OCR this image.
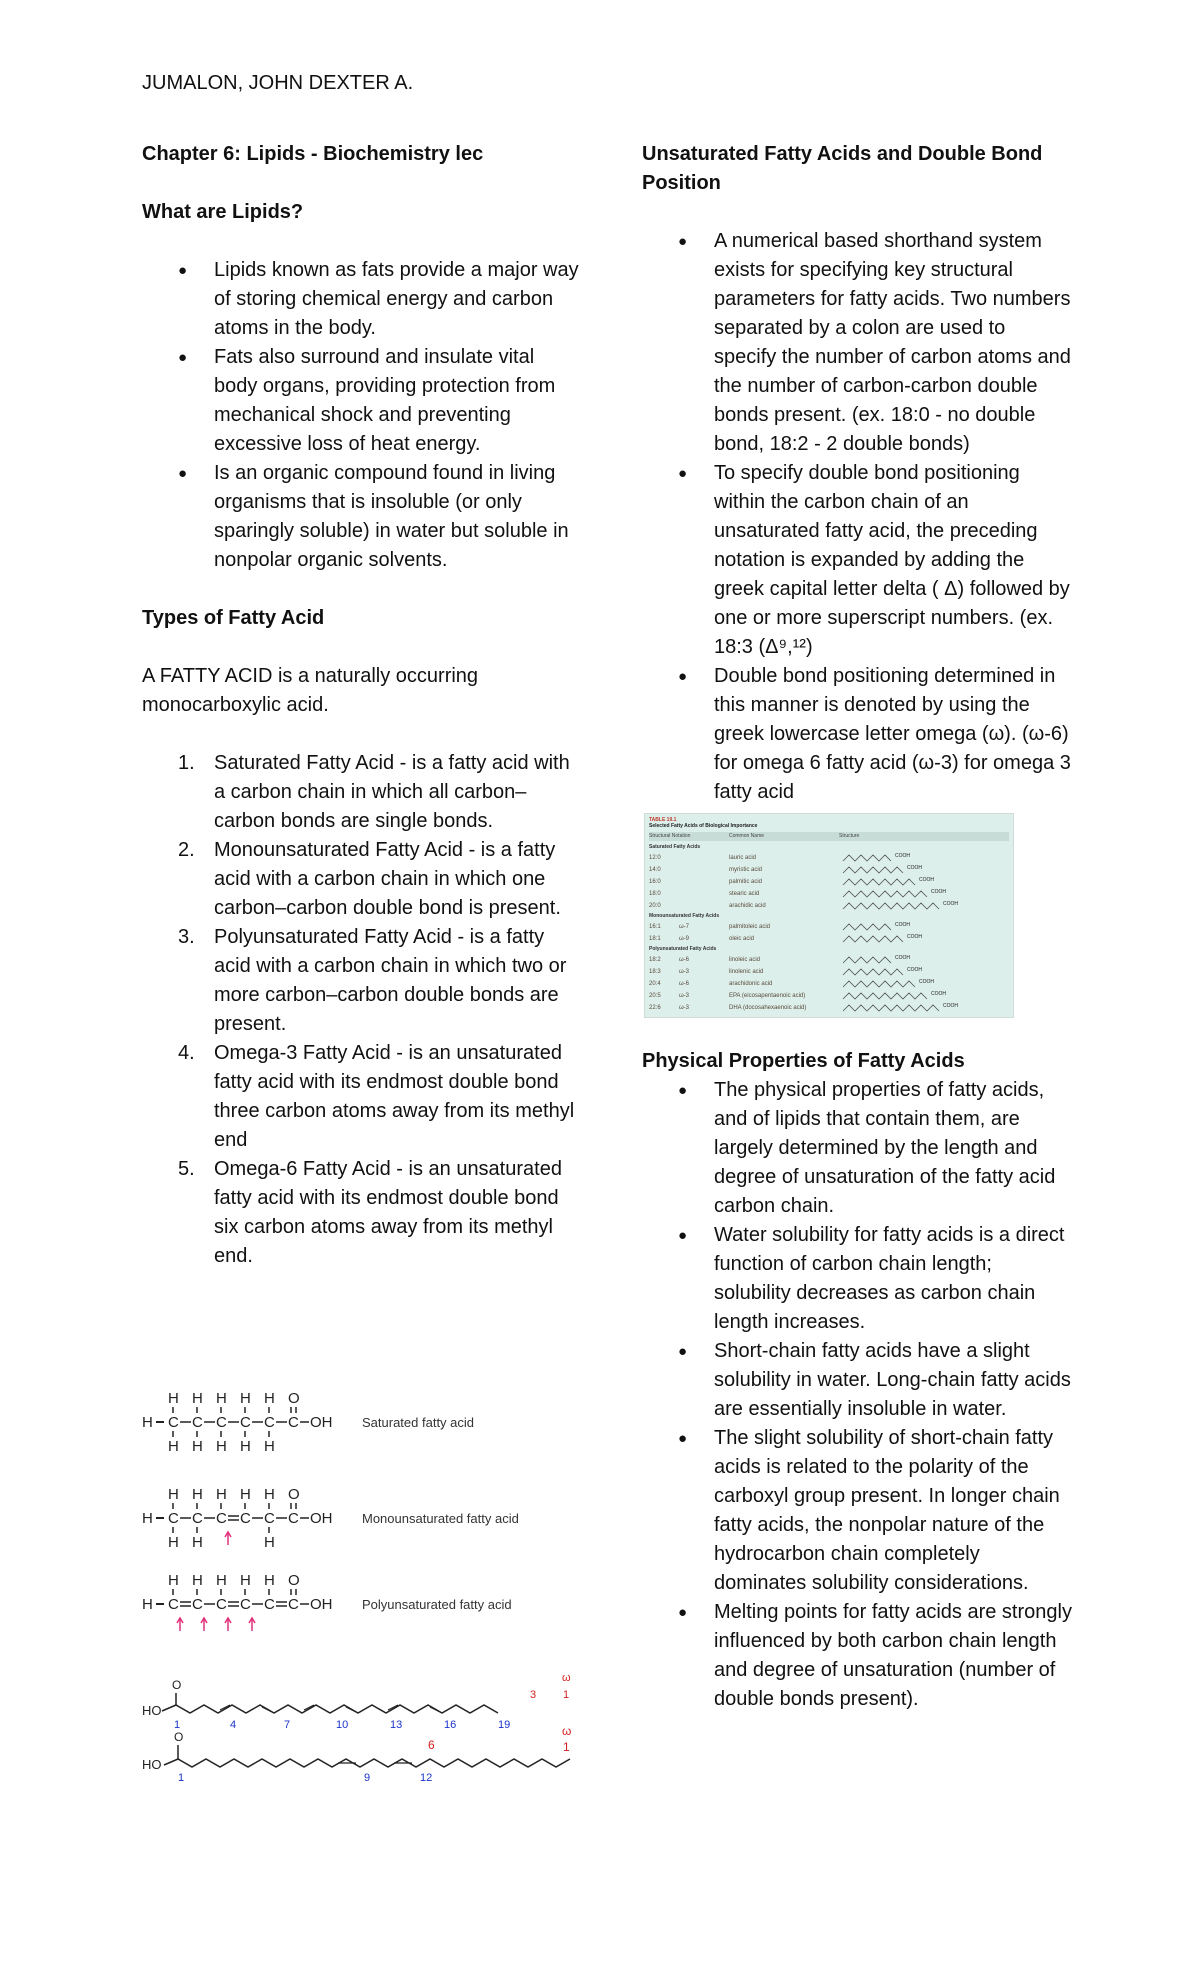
JUMALON, JOHN DEXTER A.

Chapter 6: Lipids - Biochemistry lec

What are Lipids?

● Lipids known as fats provide a major way of storing chemical energy and carbon atoms in the body.
● Fats also surround and insulate vital body organs, providing protection from mechanical shock and preventing excessive loss of heat energy.
● Is an organic compound found in living organisms that is insoluble (or only sparingly soluble) in water but soluble in nonpolar organic solvents.

Types of Fatty Acid

A FATTY ACID is a naturally occurring monocarboxylic acid.

1. Saturated Fatty Acid - is a fatty acid with a carbon chain in which all carbon–carbon bonds are single bonds.
2. Monounsaturated Fatty Acid - is a fatty acid with a carbon chain in which one carbon–carbon double bond is present.
3. Polyunsaturated Fatty Acid - is a fatty acid with a carbon chain in which two or more carbon–carbon double bonds are present.
4. Omega-3 Fatty Acid - is an unsaturated fatty acid with its endmost double bond three carbon atoms away from its methyl end
5. Omega-6 Fatty Acid - is an unsaturated fatty acid with its endmost double bond six carbon atoms away from its methyl end.
H C
H
H
C
H
H
C
H
H
C
H
H
C
H
H
C
O
OH Saturated fatty acid
H C
H
H
C
H
H
C
H
C
H
C
H
H
C
O
OH Monounsaturated fatty acid
H C
H
C
H
C
H
C
H
C
H
C
O
OH Polyunsaturated fatty acid
HO
O
1	4	7	10	13	16	19
ω
3 1
HO
O
1	9	12
ω
6	1

Unsaturated Fatty Acids and Double Bond Position

● A numerical based shorthand system exists for specifying key structural parameters for fatty acids. Two numbers separated by a colon are used to specify the number of carbon atoms and the number of carbon-carbon double bonds present. (ex. 18:0 - no double bond, 18:2 - 2 double bonds)
● To specify double bond positioning within the carbon chain of an unsaturated fatty acid, the preceding notation is expanded by adding the greek capital letter delta ( Δ) followed by one or more superscript numbers. (ex. 18:3 (Δ⁹,¹²)
● Double bond positioning determined in this manner is denoted by using the greek lowercase letter omega (ω). (ω-6) for omega 6 fatty acid (ω-3) for omega 3 fatty acid
TABLE 19.1
Selected Fatty Acids of Biological Importance
Structural Notation	Common Name	Structure
Saturated Fatty Acids
12:0	lauric acid	COOH
14:0	myristic acid	COOH
16:0	palmitic acid	COOH
18:0	stearic acid	COOH
20:0	arachidic acid	COOH
Monounsaturated Fatty Acids
16:1	ω-7	palmitoleic acid	COOH
18:1	ω-9	oleic acid	COOH
Polyunsaturated Fatty Acids
18:2	ω-6	linoleic acid	COOH
18:3	ω-3	linolenic acid	COOH
20:4	ω-6	arachidonic acid	COOH
20:5	ω-3	EPA (eicosapentaenoic acid)	COOH
22:6	ω-3	DHA (docosahexaenoic acid)	COOH

Physical Properties of Fatty Acids

● The physical properties of fatty acids, and of lipids that contain them, are largely determined by the length and degree of unsaturation of the fatty acid carbon chain.
● Water solubility for fatty acids is a direct function of carbon chain length; solubility decreases as carbon chain length increases.
● Short-chain fatty acids have a slight solubility in water. Long-chain fatty acids are essentially insoluble in water.
● The slight solubility of short-chain fatty acids is related to the polarity of the carboxyl group present. In longer chain fatty acids, the nonpolar nature of the hydrocarbon chain completely dominates solubility considerations.
● Melting points for fatty acids are strongly influenced by both carbon chain length and degree of unsaturation (number of double bonds present).
